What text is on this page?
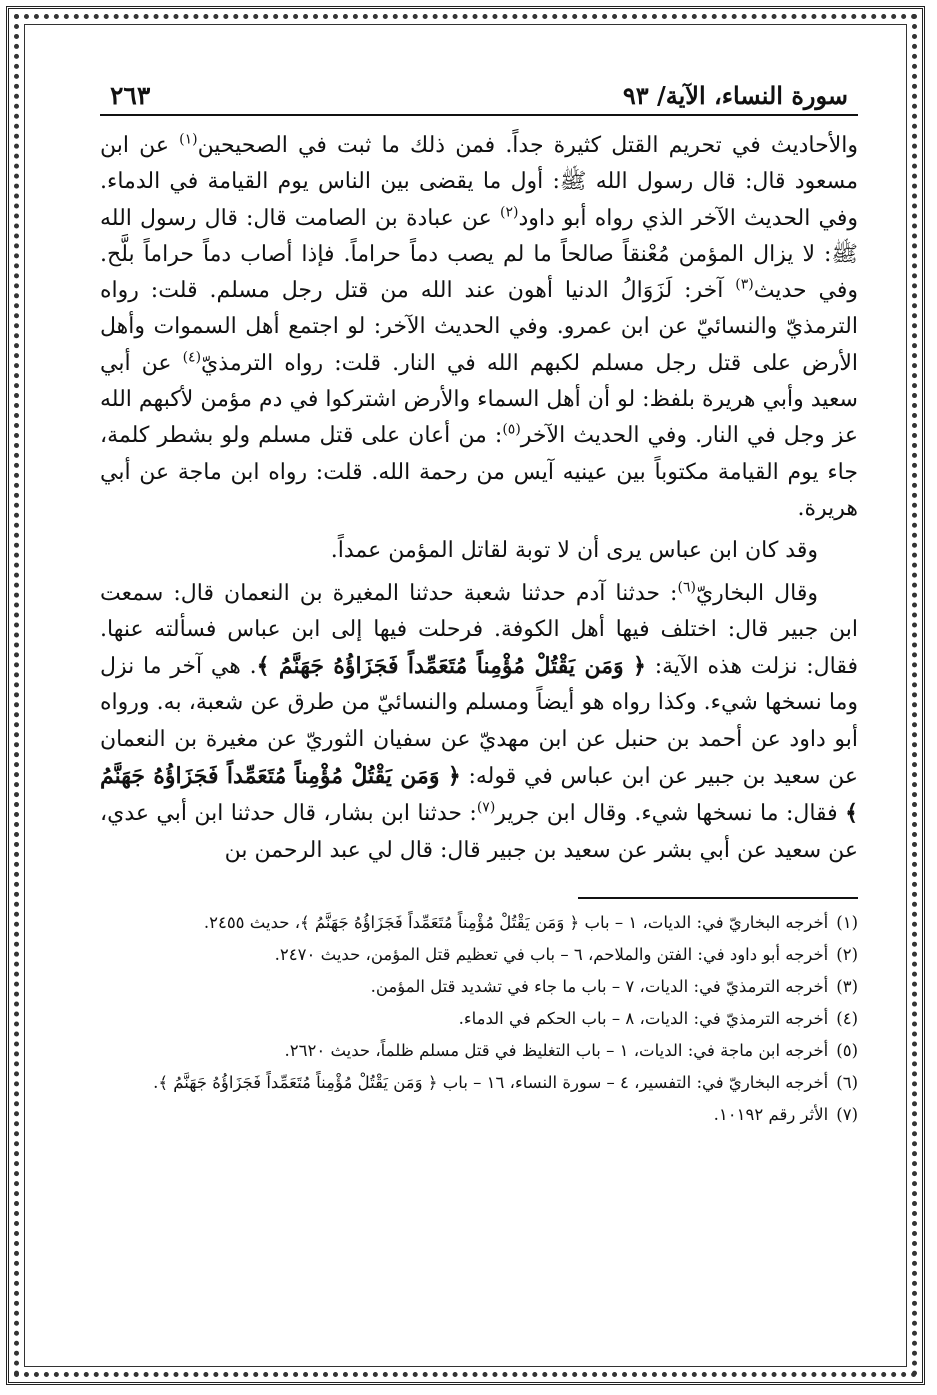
سورة النساء، الآية/ ٩٣
٢٦٣

والأحاديث في تحريم القتل كثيرة جداً. فمن ذلك ما ثبت في الصحيحين$^{(١)}$ عن ابن مسعود قال: قال رسول الله ﷺ: أول ما يقضى بين الناس يوم القيامة في الدماء. وفي الحديث الآخر الذي رواه أبو داود$^{(٢)}$ عن عبادة بن الصامت قال: قال رسول الله ﷺ: لا يزال المؤمن مُعْنقاً صالحاً ما لم يصب دماً حراماً. فإذا أصاب دماً حراماً بلَّح. وفي حديث$^{(٣)}$ آخر: لَزَوَالُ الدنيا أهون عند الله من قتل رجل مسلم. قلت: رواه الترمذيّ والنسائيّ عن ابن عمرو. وفي الحديث الآخر: لو اجتمع أهل السموات وأهل الأرض على قتل رجل مسلم لكبهم الله في النار. قلت: رواه الترمذيّ$^{(٤)}$ عن أبي سعيد وأبي هريرة بلفظ: لو أن أهل السماء والأرض اشتركوا في دم مؤمن لأكبهم الله عز وجل في النار. وفي الحديث الآخر$^{(٥)}$: من أعان على قتل مسلم ولو بشطر كلمة، جاء يوم القيامة مكتوباً بين عينيه آيس من رحمة الله. قلت: رواه ابن ماجة عن أبي هريرة.

وقد كان ابن عباس يرى أن لا توبة لقاتل المؤمن عمداً.

وقال البخاريّ$^{(٦)}$: حدثنا آدم حدثنا شعبة حدثنا المغيرة بن النعمان قال: سمعت ابن جبير قال: اختلف فيها أهل الكوفة. فرحلت فيها إلى ابن عباس فسألته عنها. فقال: نزلت هذه الآية: ﴿ وَمَن يَقْتُلْ مُؤْمِناً مُتَعَمِّداً فَجَزَاؤُهُ جَهَنَّمُ ﴾. هي آخر ما نزل وما نسخها شيء. وكذا رواه هو أيضاً ومسلم والنسائيّ من طرق عن شعبة، به. ورواه أبو داود عن أحمد بن حنبل عن ابن مهديّ عن سفيان الثوريّ عن مغيرة بن النعمان عن سعيد بن جبير عن ابن عباس في قوله: ﴿ وَمَن يَقْتُلْ مُؤْمِناً مُتَعَمِّداً فَجَزَاؤُهُ جَهَنَّمُ ﴾ فقال: ما نسخها شيء. وقال ابن جرير$^{(٧)}$: حدثنا ابن بشار، قال حدثنا ابن أبي عدي، عن سعيد عن أبي بشر عن سعيد بن جبير قال: قال لي عبد الرحمن بن

(١)
أخرجه البخاريّ في: الديات، ١ – باب ﴿ وَمَن يَقْتُلْ مُؤْمِناً مُتَعَمِّداً فَجَزَاؤُهُ جَهَنَّمُ ﴾، حديث ٢٤٥٥.
(٢)
أخرجه أبو داود في: الفتن والملاحم، ٦ – باب في تعظيم قتل المؤمن، حديث ٢٤٧٠.
(٣)
أخرجه الترمذيّ في: الديات، ٧ – باب ما جاء في تشديد قتل المؤمن.
(٤)
أخرجه الترمذيّ في: الديات، ٨ – باب الحكم في الدماء.
(٥)
أخرجه ابن ماجة في: الديات، ١ – باب التغليظ في قتل مسلم ظلماً، حديث ٢٦٢٠.
(٦)
أخرجه البخاريّ في: التفسير، ٤ – سورة النساء، ١٦ – باب ﴿ وَمَن يَقْتُلْ مُؤْمِناً مُتَعَمِّداً فَجَزَاؤُهُ جَهَنَّمُ ﴾.
(٧)
الأثر رقم ١٠١٩٢.
